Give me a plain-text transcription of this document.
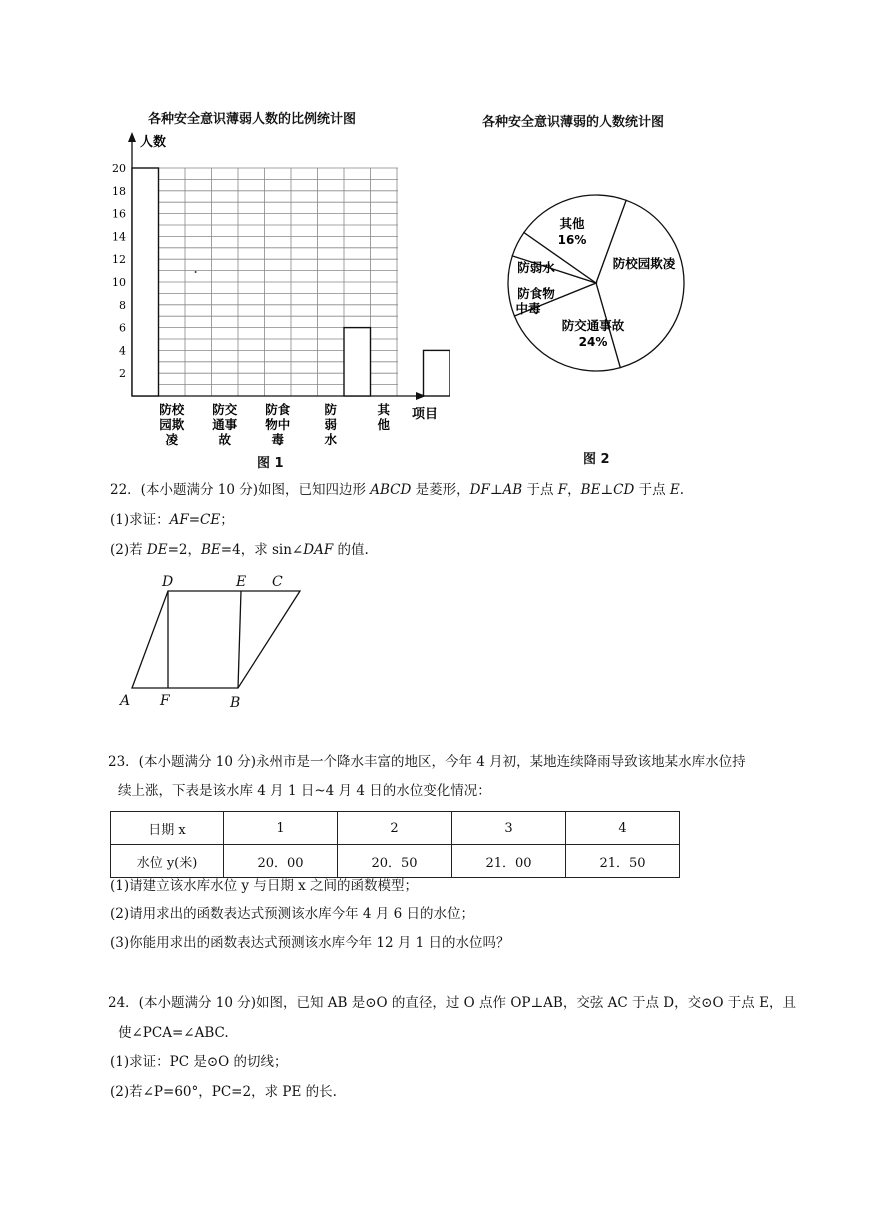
各种安全意识薄弱人数的比例统计图
人数
项目
2
4
6
8
10
12
14
16
18
20
防校园欺凌
防交通事故
防食物中毒
防弱水
其他
图 1
各种安全意识薄弱的人数统计图
防校园欺凌
防交通事故
24%
防食物中毒
防弱水
其他
16%
图 2
22．(本小题满分 10 分)如图，已知四边形 ABCD 是菱形，DF⊥AB 于点 F，BE⊥CD 于点 E.
(1)求证：AF=CE；
(2)若 DE=2，BE=4，求 sin∠DAF 的值.
D	E C
A F	B
23．(本小题满分 10 分)永州市是一个降水丰富的地区，今年 4 月初，某地连续降雨导致该地某水库水位持
续上涨，下表是该水库 4 月 1 日~4 月 4 日的水位变化情况：
日期 x	1	2	3	4
水位 y(米)	20．00	20．50	21．00	21．50
(1)请建立该水库水位 y 与日期 x 之间的函数模型；
(2)请用求出的函数表达式预测该水库今年 4 月 6 日的水位；
(3)你能用求出的函数表达式预测该水库今年 12 月 1 日的水位吗？
24．(本小题满分 10 分)如图，已知 AB 是⊙O 的直径，过 O 点作 OP⊥AB，交弦 AC 于点 D，交⊙O 于点 E，且
使∠PCA=∠ABC.
(1)求证：PC 是⊙O 的切线；
(2)若∠P=60°，PC=2，求 PE 的长.
